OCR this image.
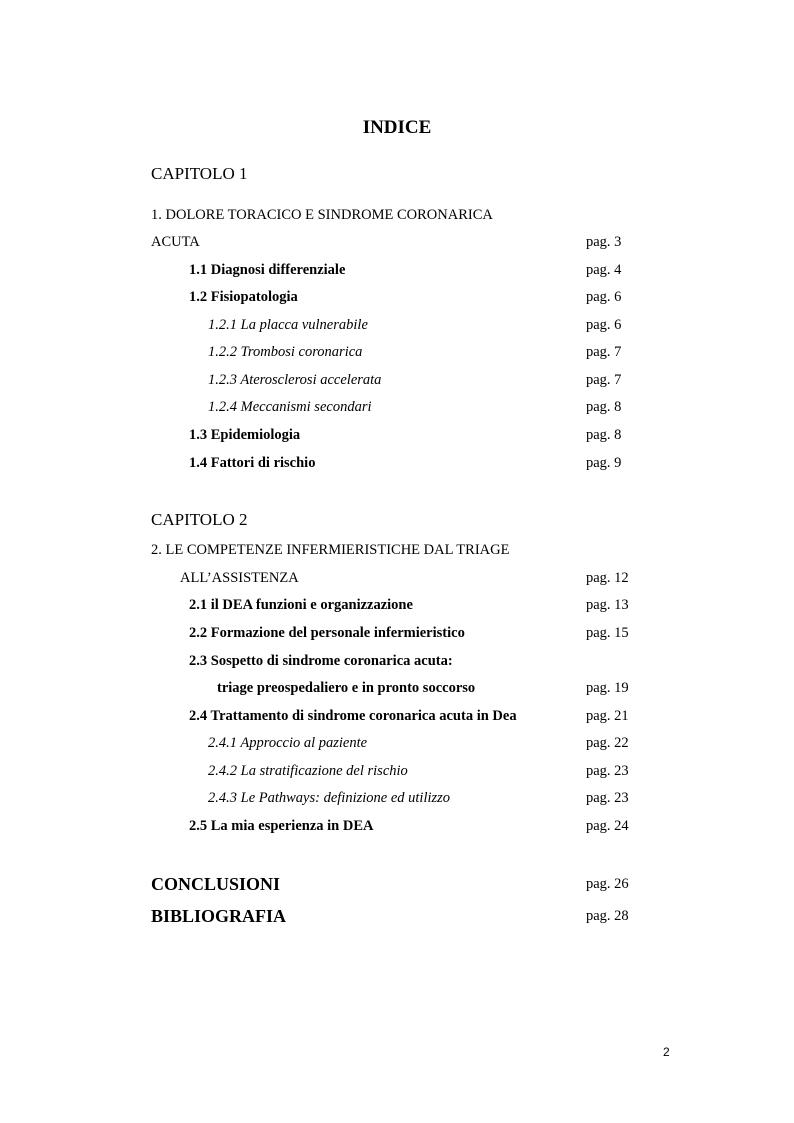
INDICE
CAPITOLO 1
1. DOLORE TORACICO E SINDROME CORONARICA
ACUTA	pag. 3
1.1 Diagnosi differenziale	pag. 4
1.2 Fisiopatologia	pag. 6
1.2.1 La placca vulnerabile	pag. 6
1.2.2 Trombosi coronarica	pag. 7
1.2.3 Aterosclerosi accelerata	pag. 7
1.2.4 Meccanismi secondari	pag. 8
1.3 Epidemiologia	pag. 8
1.4 Fattori di rischio	pag. 9
CAPITOLO 2
2. LE COMPETENZE INFERMIERISTICHE DAL TRIAGE
ALL’ASSISTENZA	pag. 12
2.1 il DEA funzioni e organizzazione	pag. 13
2.2 Formazione del personale infermieristico	pag. 15
2.3 Sospetto di sindrome coronarica acuta:
triage preospedaliero e in pronto soccorso	pag. 19
2.4 Trattamento di sindrome coronarica acuta in Dea	pag. 21
2.4.1 Approccio al paziente	pag. 22
2.4.2 La stratificazione del rischio	pag. 23
2.4.3 Le Pathways: definizione ed utilizzo	pag. 23
2.5 La mia esperienza in DEA	pag. 24
CONCLUSIONI	pag. 26
BIBLIOGRAFIA	pag. 28
2
